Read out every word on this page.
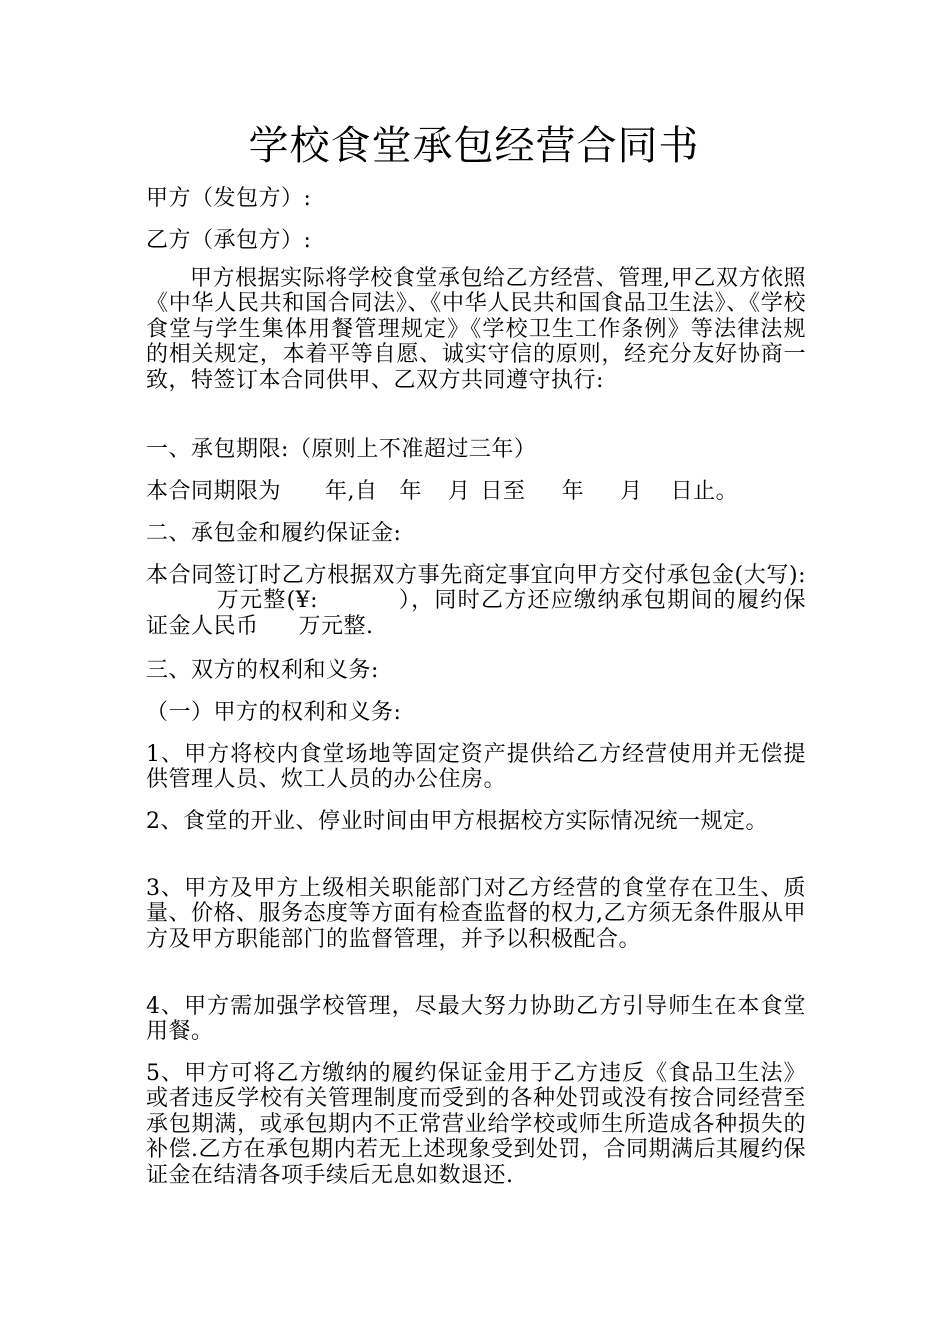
学校食堂承包经营合同书
甲方（发包方）:
乙方（承包方）:
甲方根据实际将学校食堂承包给乙方经营、管理,甲乙双方依照《中华人民共和国合同法》、《中华人民共和国食品卫生法》、《学校食堂与学生集体用餐管理规定》《学校卫生工作条例》等法律法规的相关规定，本着平等自愿、诚实守信的原则，经充分友好协商一致，特签订本合同供甲、乙双方共同遵守执行:
一、承包期限:（原则上不准超过三年）
本合同期限为 年,自 年 月 日至 年 月 日止。
二、承包金和履约保证金:
本合同签订时乙方根据双方事先商定事宜向甲方交付承包金(大写):万元整(¥:	），同时乙方还应缴纳承包期间的履约保证金人民币 万元整.
三、双方的权利和义务:
（一）甲方的权利和义务:
1、甲方将校内食堂场地等固定资产提供给乙方经营使用并无偿提供管理人员、炊工人员的办公住房。
2、食堂的开业、停业时间由甲方根据校方实际情况统一规定。
3、甲方及甲方上级相关职能部门对乙方经营的食堂存在卫生、质量、价格、服务态度等方面有检查监督的权力,乙方须无条件服从甲方及甲方职能部门的监督管理，并予以积极配合。
4、甲方需加强学校管理，尽最大努力协助乙方引导师生在本食堂用餐。
5、甲方可将乙方缴纳的履约保证金用于乙方违反《食品卫生法》或者违反学校有关管理制度而受到的各种处罚或没有按合同经营至承包期满，或承包期内不正常营业给学校或师生所造成各种损失的补偿.乙方在承包期内若无上述现象受到处罚，合同期满后其履约保证金在结清各项手续后无息如数退还.
